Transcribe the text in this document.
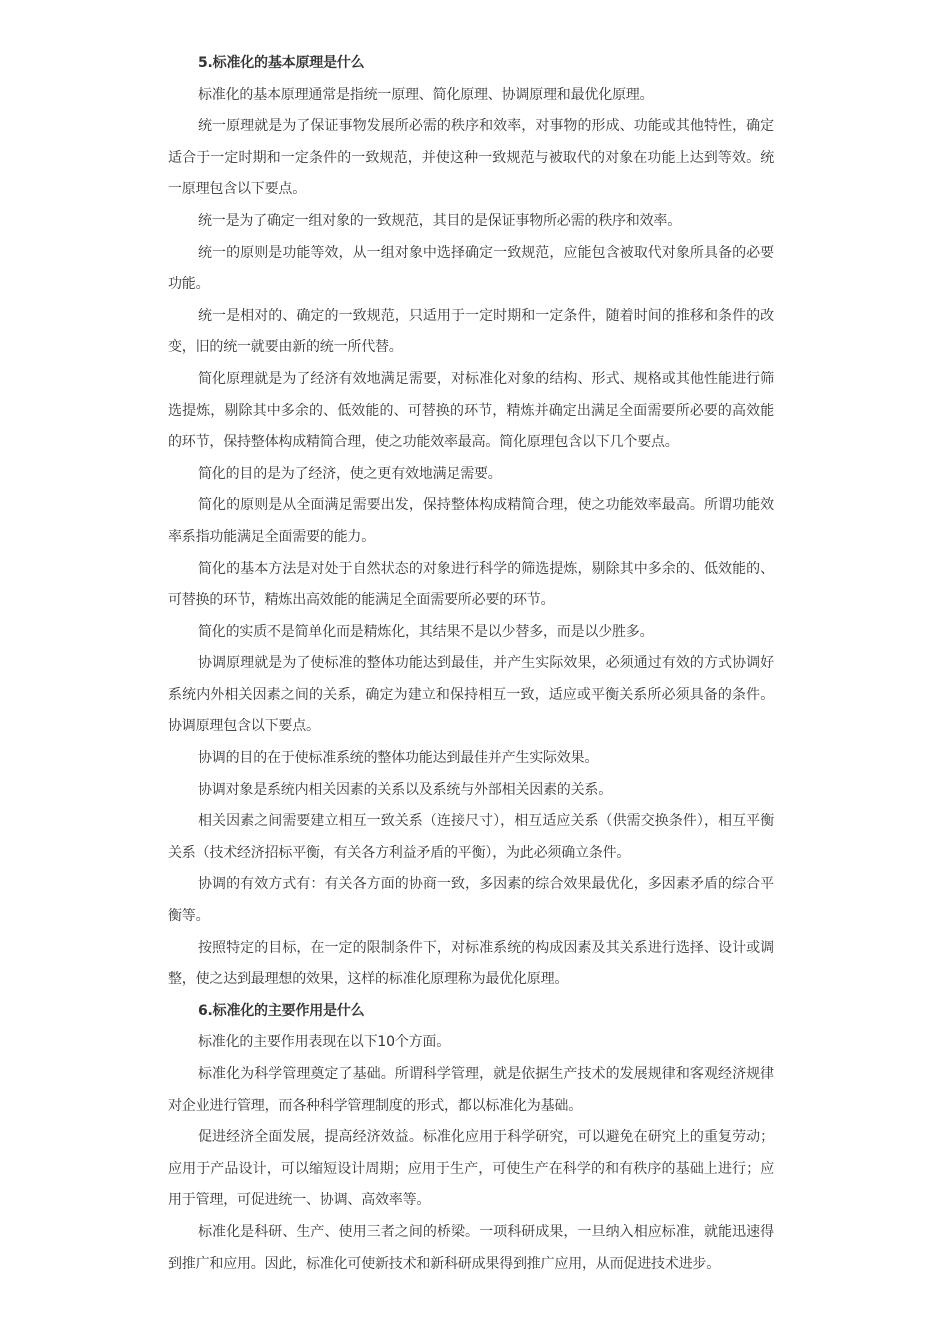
5.标准化的基本原理是什么

标准化的基本原理通常是指统一原理、简化原理、协调原理和最优化原理。

统一原理就是为了保证事物发展所必需的秩序和效率，对事物的形成、功能或其他特性，确定适合于一定时期和一定条件的一致规范，并使这种一致规范与被取代的对象在功能上达到等效。统一原理包含以下要点。

统一是为了确定一组对象的一致规范，其目的是保证事物所必需的秩序和效率。

统一的原则是功能等效，从一组对象中选择确定一致规范，应能包含被取代对象所具备的必要功能。

统一是相对的、确定的一致规范，只适用于一定时期和一定条件，随着时间的推移和条件的改变，旧的统一就要由新的统一所代替。

简化原理就是为了经济有效地满足需要，对标准化对象的结构、形式、规格或其他性能进行筛选提炼，剔除其中多余的、低效能的、可替换的环节，精炼并确定出满足全面需要所必要的高效能的环节，保持整体构成精简合理，使之功能效率最高。简化原理包含以下几个要点。

简化的目的是为了经济，使之更有效地满足需要。

简化的原则是从全面满足需要出发，保持整体构成精简合理，使之功能效率最高。所谓功能效率系指功能满足全面需要的能力。

简化的基本方法是对处于自然状态的对象进行科学的筛选提炼，剔除其中多余的、低效能的、可替换的环节，精炼出高效能的能满足全面需要所必要的环节。

简化的实质不是简单化而是精炼化，其结果不是以少替多，而是以少胜多。

协调原理就是为了使标准的整体功能达到最佳，并产生实际效果，必须通过有效的方式协调好系统内外相关因素之间的关系，确定为建立和保持相互一致，适应或平衡关系所必须具备的条件。协调原理包含以下要点。

协调的目的在于使标准系统的整体功能达到最佳并产生实际效果。

协调对象是系统内相关因素的关系以及系统与外部相关因素的关系。

相关因素之间需要建立相互一致关系（连接尺寸），相互适应关系（供需交换条件），相互平衡关系（技术经济招标平衡，有关各方利益矛盾的平衡），为此必须确立条件。

协调的有效方式有：有关各方面的协商一致，多因素的综合效果最优化，多因素矛盾的综合平衡等。

按照特定的目标，在一定的限制条件下，对标准系统的构成因素及其关系进行选择、设计或调整，使之达到最理想的效果，这样的标准化原理称为最优化原理。

6.标准化的主要作用是什么

标准化的主要作用表现在以下10个方面。

标准化为科学管理奠定了基础。所谓科学管理，就是依据生产技术的发展规律和客观经济规律对企业进行管理，而各种科学管理制度的形式，都以标准化为基础。

促进经济全面发展，提高经济效益。标准化应用于科学研究，可以避免在研究上的重复劳动；应用于产品设计，可以缩短设计周期；应用于生产，可使生产在科学的和有秩序的基础上进行；应用于管理，可促进统一、协调、高效率等。

标准化是科研、生产、使用三者之间的桥梁。一项科研成果，一旦纳入相应标准，就能迅速得到推广和应用。因此，标准化可使新技术和新科研成果得到推广应用，从而促进技术进步。
